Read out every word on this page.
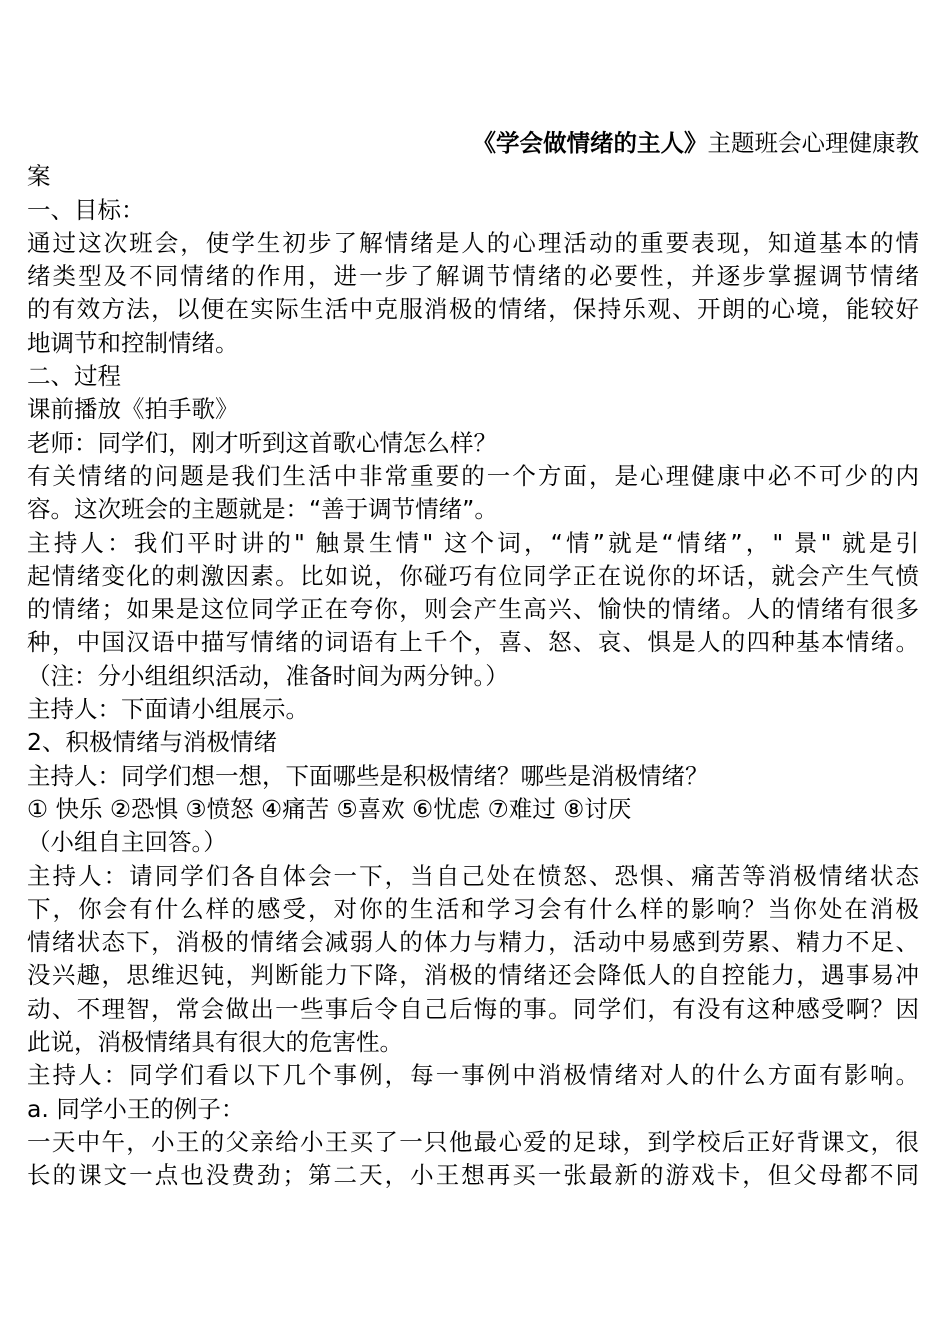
《学会做情绪的主人》主题班会心理健康教
案
一、目标：
通过这次班会，使学生初步了解情绪是人的心理活动的重要表现，知道基本的情
绪类型及不同情绪的作用，进一步了解调节情绪的必要性，并逐步掌握调节情绪
的有效方法，以便在实际生活中克服消极的情绪，保持乐观、开朗的心境，能较好
地调节和控制情绪。
二、过程
课前播放《拍手歌》
老师：同学们，刚才听到这首歌心情怎么样？
有关情绪的问题是我们生活中非常重要的一个方面，是心理健康中必不可少的内
容。这次班会的主题就是：“善于调节情绪”。
主持人：我们平时讲的" 触景生情" 这个词，“情”就是“情绪”，" 景" 就是引
起情绪变化的刺激因素。比如说，你碰巧有位同学正在说你的坏话，就会产生气愤
的情绪；如果是这位同学正在夸你，则会产生高兴、愉快的情绪。人的情绪有很多
种，中国汉语中描写情绪的词语有上千个，喜、怒、哀、惧是人的四种基本情绪。
（注：分小组组织活动，准备时间为两分钟。）
主持人：下面请小组展示。
2、积极情绪与消极情绪
主持人：同学们想一想，下面哪些是积极情绪？哪些是消极情绪？
① 快乐 ②恐惧 ③愤怒 ④痛苦 ⑤喜欢 ⑥忧虑 ⑦难过 ⑧讨厌
（小组自主回答。）
主持人：请同学们各自体会一下，当自己处在愤怒、恐惧、痛苦等消极情绪状态
下，你会有什么样的感受，对你的生活和学习会有什么样的影响？当你处在消极
情绪状态下，消极的情绪会减弱人的体力与精力，活动中易感到劳累、精力不足、
没兴趣，思维迟钝，判断能力下降，消极的情绪还会降低人的自控能力，遇事易冲
动、不理智，常会做出一些事后令自己后悔的事。同学们，有没有这种感受啊？因
此说，消极情绪具有很大的危害性。
主持人：同学们看以下几个事例，每一事例中消极情绪对人的什么方面有影响。
a. 同学小王的例子：
一天中午，小王的父亲给小王买了一只他最心爱的足球，到学校后正好背课文，很
长的课文一点也没费劲；第二天，小王想再买一张最新的游戏卡，但父母都不同
